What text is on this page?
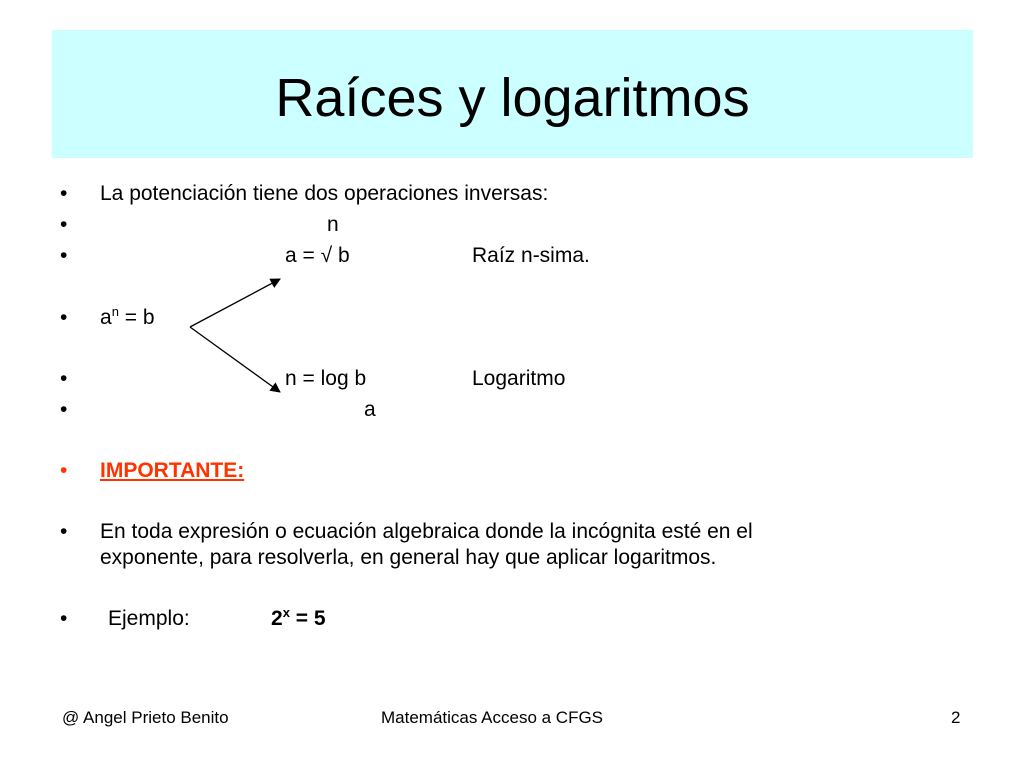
Raíces y logaritmos
• La potenciación tiene dos operaciones inversas:
•	n
•	a = √ b	Raíz n-sima.
• $a^n = b$
•	n = log b	Logaritmo
•	a
• IMPORTANTE:
• En toda expresión o ecuación algebraica donde la incógnita esté en el
exponente, para resolverla, en general hay que aplicar logaritmos.
• Ejemplo:	$2^x = 5$
@ Angel Prieto Benito	Matemáticas Acceso a CFGS	2
